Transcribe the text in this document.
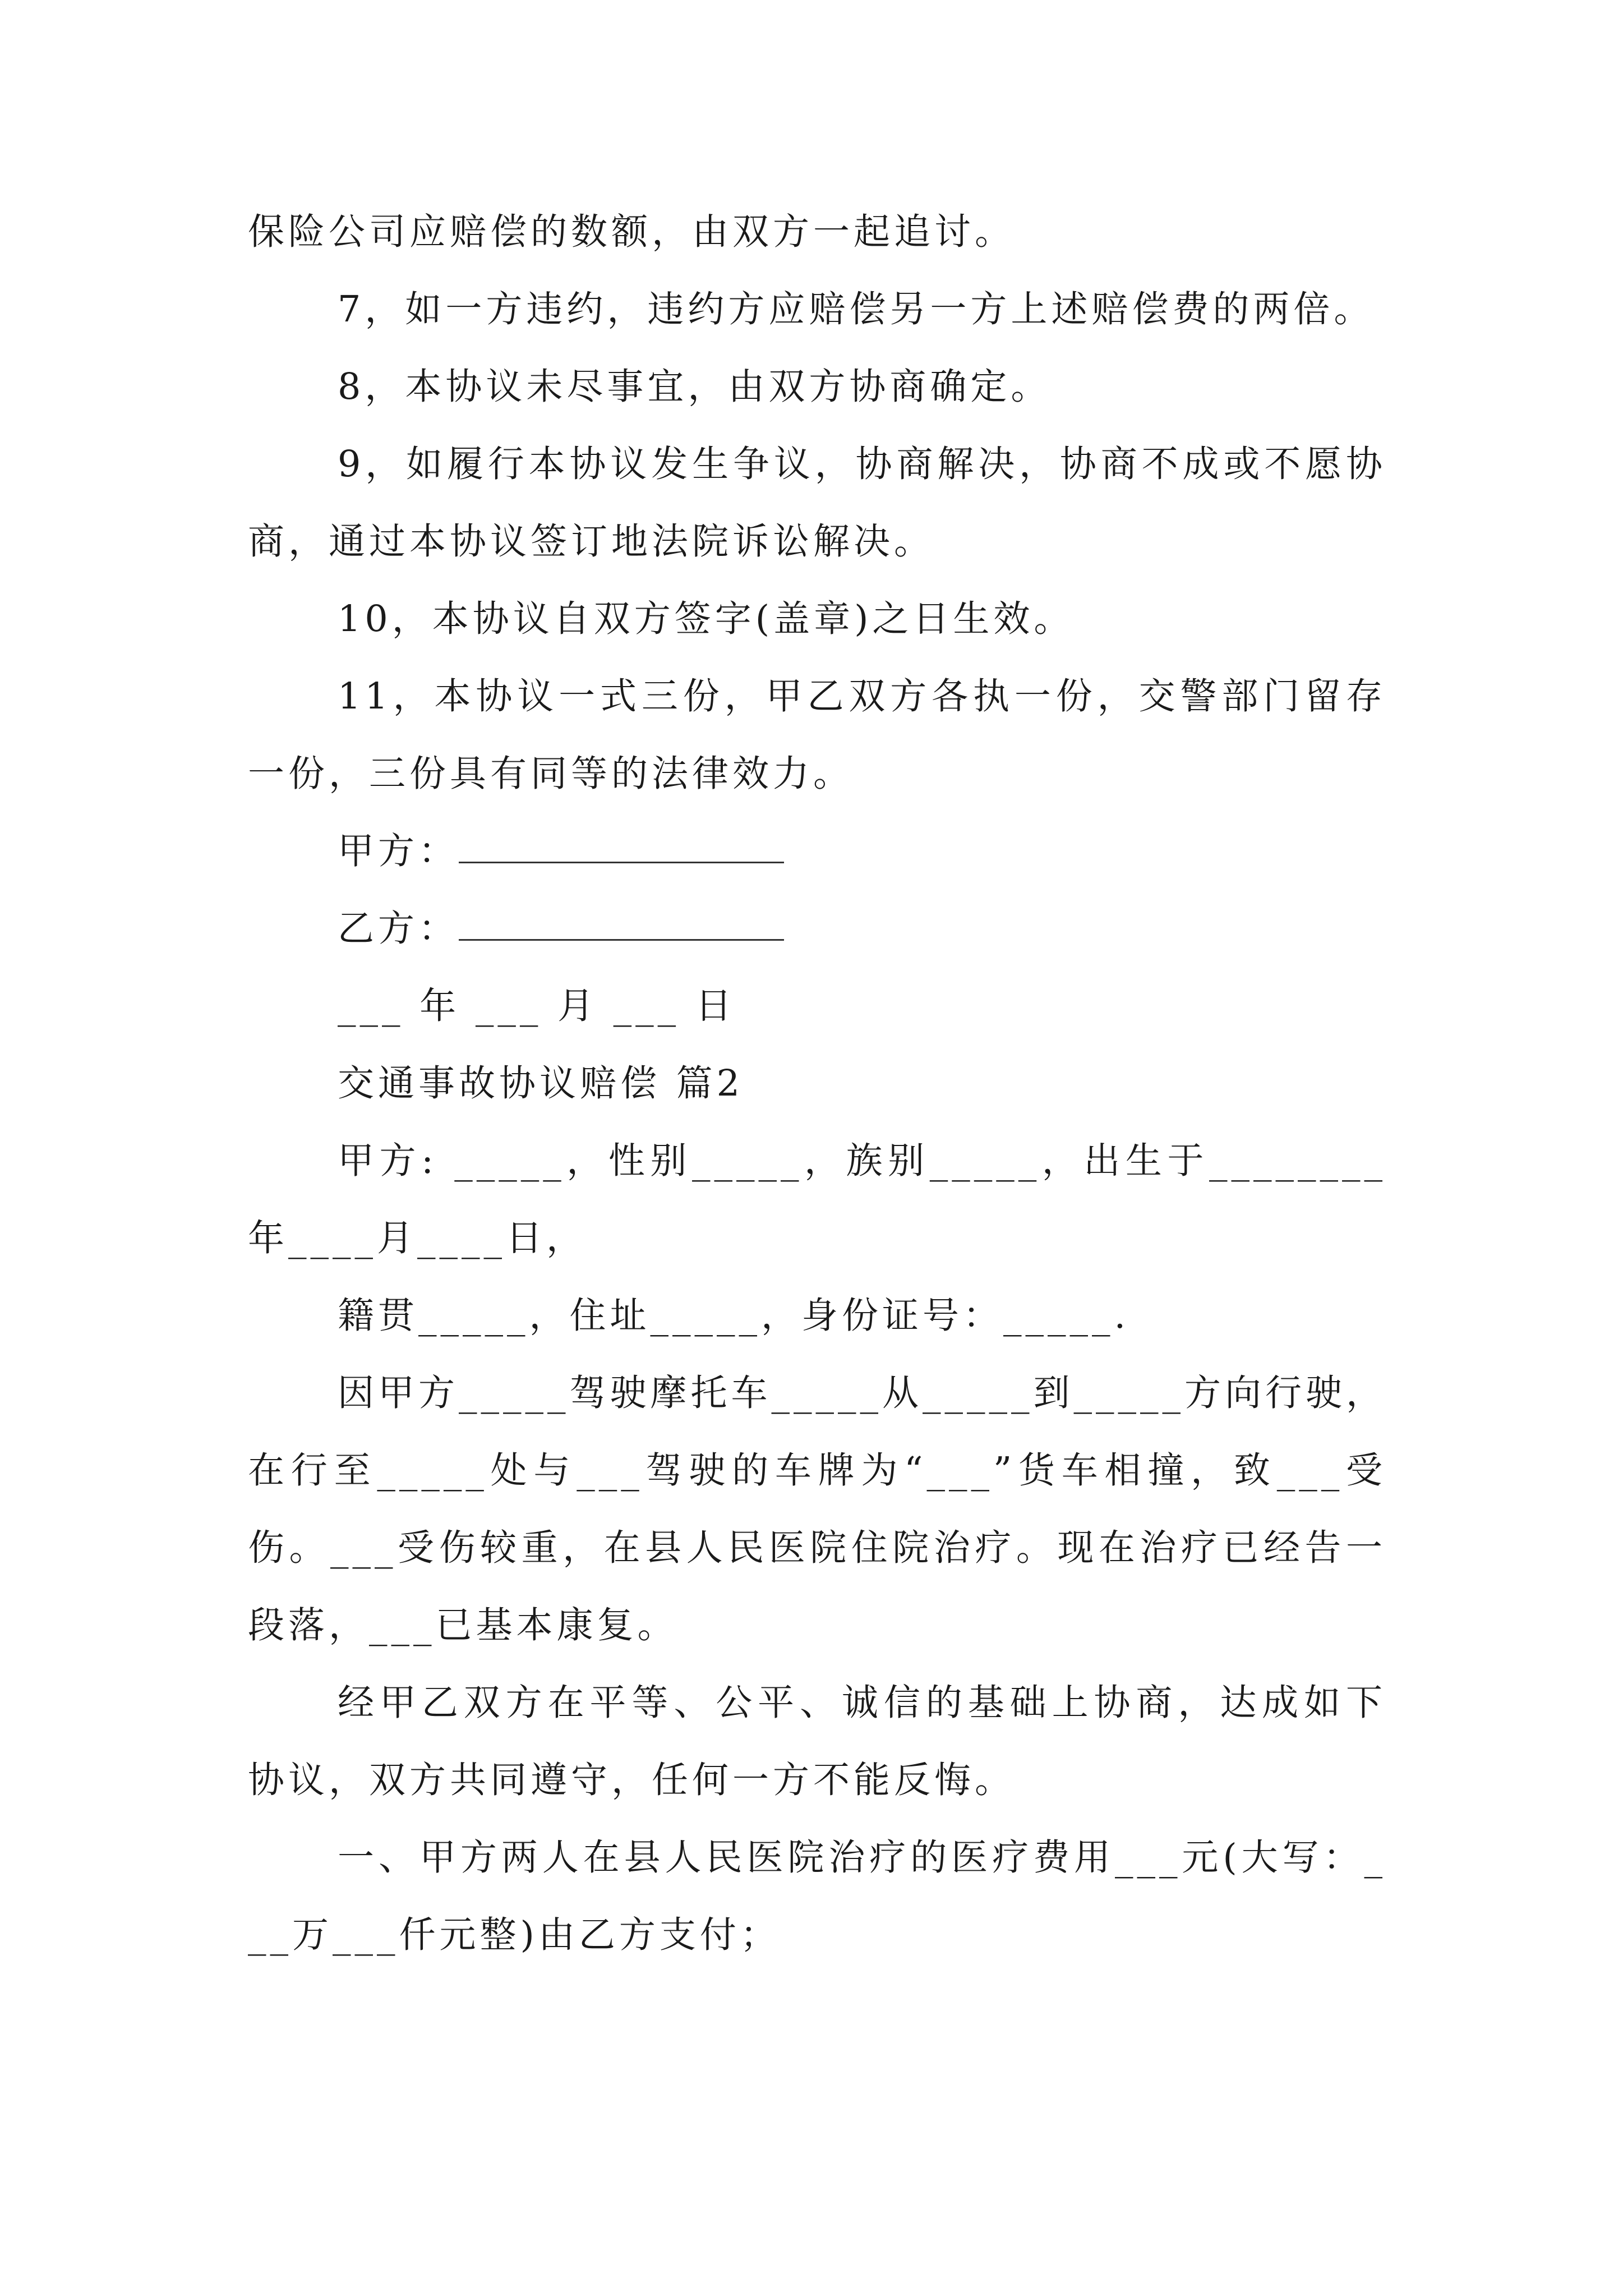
保险公司应赔偿的数额，由双方一起追讨。

7，如一方违约，违约方应赔偿另一方上述赔偿费的两倍。

8，本协议未尽事宜，由双方协商确定。

9，如履行本协议发生争议，协商解决，协商不成或不愿协商，通过本协议签订地法院诉讼解决。

10，本协议自双方签字(盖章)之日生效。

11，本协议一式三份，甲乙双方各执一份，交警部门留存一份，三份具有同等的法律效力。

甲方：

乙方：

___ 年 ___ 月 ___ 日

交通事故协议赔偿 篇2

甲方: _____，性别_____，族别_____，出生于________年____月____日，

籍贯_____，住址_____，身份证号：_____.

因甲方_____驾驶摩托车_____从_____到_____方向行驶，在行至_____处与___驾驶的车牌为“___”货车相撞，致___受伤。___受伤较重，在县人民医院住院治疗。现在治疗已经告一段落，___已基本康复。

经甲乙双方在平等、公平、诚信的基础上协商，达成如下协议，双方共同遵守，任何一方不能反悔。

一、甲方两人在县人民医院治疗的医疗费用___元(大写：___万___仟元整)由乙方支付；
